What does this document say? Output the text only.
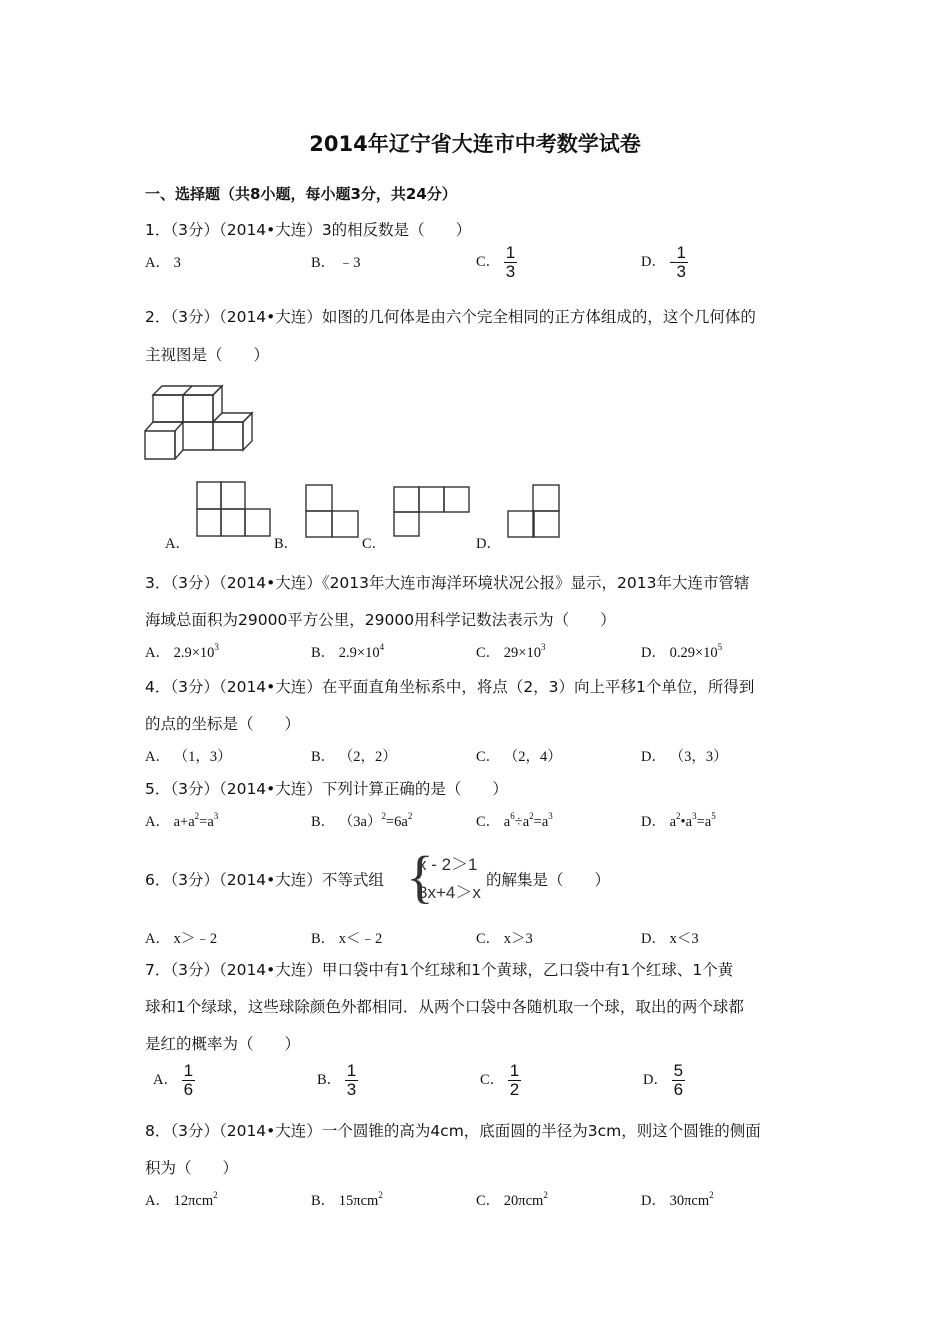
2014年辽宁省大连市中考数学试卷
一、选择题（共8小题，每小题3分，共24分）
1．（3分）（2014•大连）3的相反数是（　　）
A． 3	B． ﹣3	C． $\frac{1}{3}$	D． - $\frac{1}{3}$
2．（3分）（2014•大连）如图的几何体是由六个完全相同的正方体组成的，这个几何体的
主视图是（　　）
A．	B．	C．	D．
3．（3分）（2014•大连）《2013年大连市海洋环境状况公报》显示，2013年大连市管辖
海域总面积为29000平方公里，29000用科学记数法表示为（　　）
A． $2.9\times 10^3$	B． $2.9\times 10^4$	C． $29\times 10^3$	D． $0.29\times 10^5$
4．（3分）（2014•大连）在平面直角坐标系中，将点（2，3）向上平移1个单位，所得到
的点的坐标是（　　）
A． （1，3）	B． （2，2）	C． （2，4）	D． （3，3）
5．（3分）（2014•大连）下列计算正确的是（　　）
A． $a+a^2=a^3$	B． $(3a)^2=6a^2$	C． $a^6\div a^2=a^3$	D． $a^2•a^3=a^5$
6．（3分）（2014•大连）不等式组 {
x - 2＞1
3x+4＞x
的解集是（　　）
A． x＞﹣2	B． x＜﹣2	C． x＞3	D． x＜3
7．（3分）（2014•大连）甲口袋中有1个红球和1个黄球，乙口袋中有1个红球、1个黄
球和1个绿球，这些球除颜色外都相同．从两个口袋中各随机取一个球，取出的两个球都
是红的概率为（　　）
A． $\frac{1}{6}$	B． $\frac{1}{3}$	C． $\frac{1}{2}$	D． $\frac{5}{6}$
8．（3分）（2014•大连）一个圆锥的高为4cm，底面圆的半径为3cm，则这个圆锥的侧面
积为（　　）
A． 12πcm$^2$	B． 15πcm$^2$	C． 20πcm$^2$	D． 30πcm$^2$
